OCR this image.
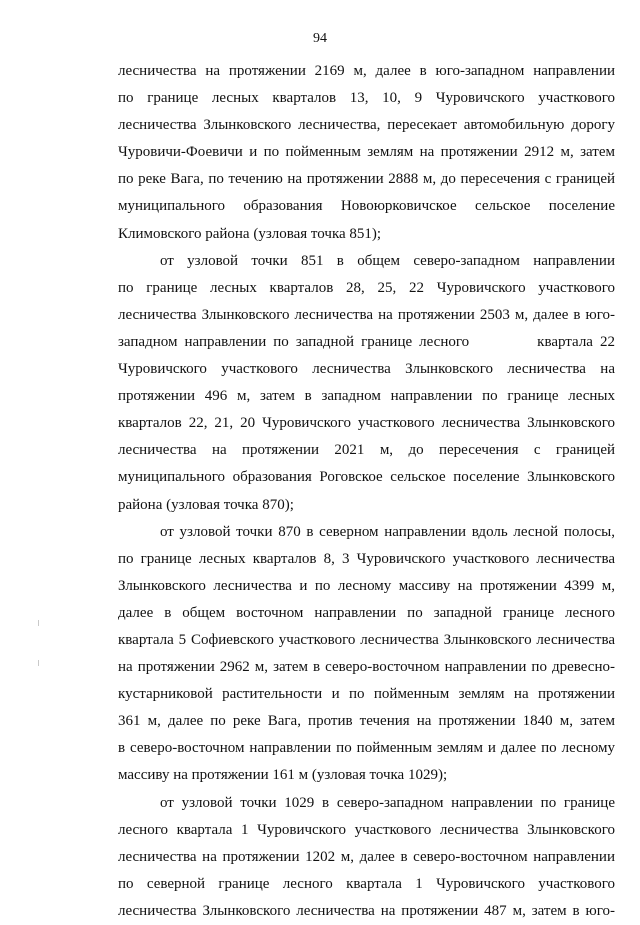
94
лесничества на протяжении 2169 м, далее в юго-западном направлении
по границе лесных кварталов 13, 10, 9 Чуровичского участкового
лесничества Злынковского лесничества, пересекает автомобильную дорогу
Чуровичи-Фоевичи и по пойменным землям на протяжении 2912 м, затем
по реке Вага, по течению на протяжении 2888 м, до пересечения с границей
муниципального образования Новоюрковичское сельское поселение
Климовского района (узловая точка 851);
от узловой точки 851 в общем северо-западном направлении
по границе лесных кварталов 28, 25, 22 Чуровичского участкового
лесничества Злынковского лесничества на протяжении 2503 м, далее в юго-
западном направлении по западной границе лесного	квартала 22
Чуровичского участкового лесничества Злынковского лесничества на
протяжении 496 м, затем в западном направлении по границе лесных
кварталов 22, 21, 20 Чуровичского участкового лесничества Злынковского
лесничества на протяжении 2021 м, до пересечения с границей
муниципального образования Роговское сельское поселение Злынковского
района (узловая точка 870);
от узловой точки 870 в северном направлении вдоль лесной полосы,
по границе лесных кварталов 8, 3 Чуровичского участкового лесничества
Злынковского лесничества и по лесному массиву на протяжении 4399 м,
далее в общем восточном направлении по западной границе лесного
квартала 5 Софиевского участкового лесничества Злынковского лесничества
на протяжении 2962 м, затем в северо-восточном направлении по древесно-
кустарниковой растительности и по пойменным землям на протяжении
361 м, далее по реке Вага, против течения на протяжении 1840 м, затем
в северо-восточном направлении по пойменным землям и далее по лесному
массиву на протяжении 161 м (узловая точка 1029);
от узловой точки 1029 в северо-западном направлении по границе
лесного квартала 1 Чуровичского участкового лесничества Злынковского
лесничества на протяжении 1202 м, далее в северо-восточном направлении
по северной границе лесного квартала 1 Чуровичского участкового
лесничества Злынковского лесничества на протяжении 487 м, затем в юго-
